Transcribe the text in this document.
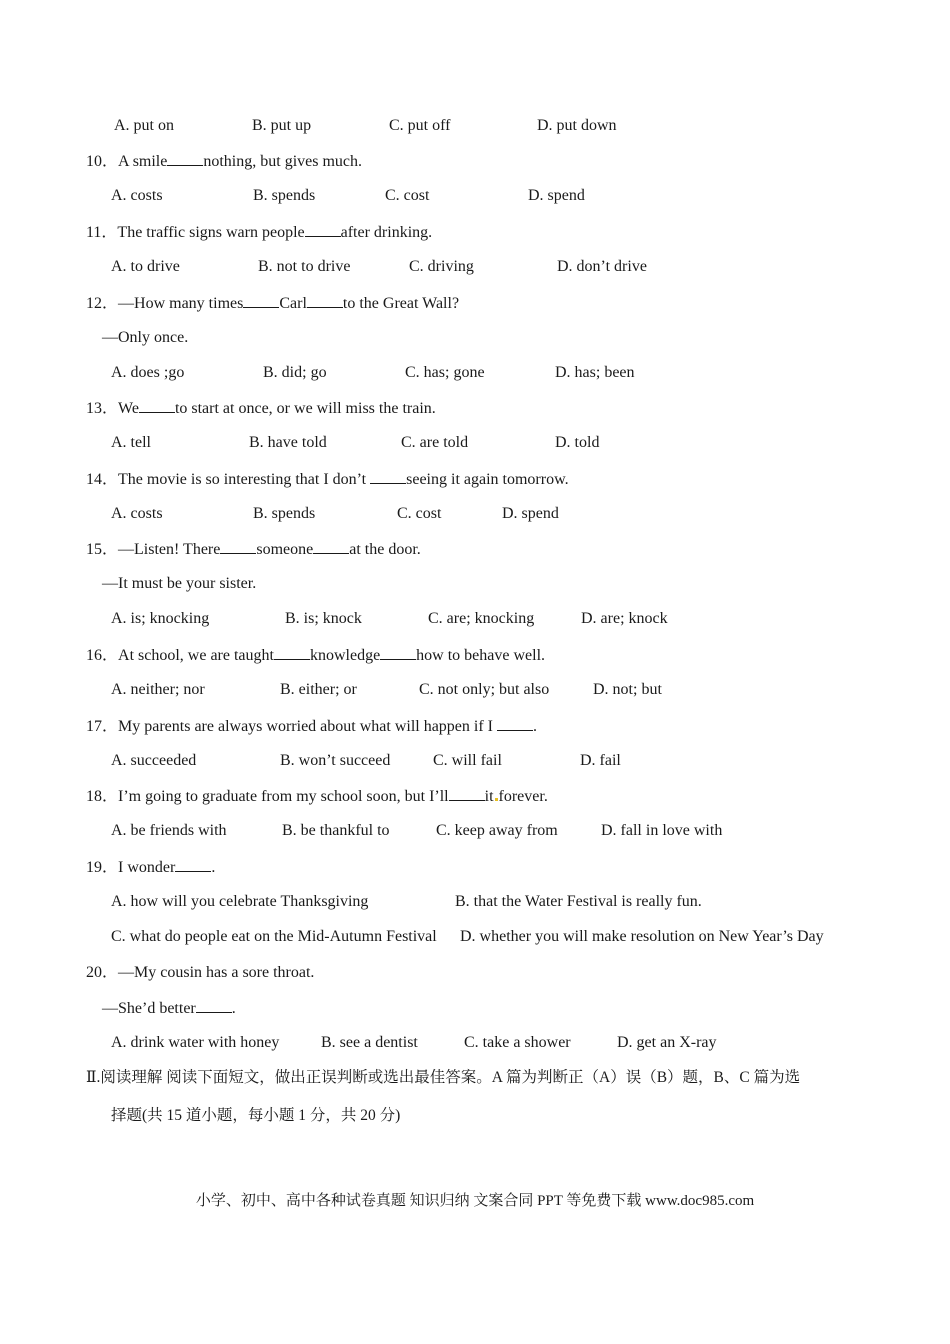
A. put on	B. put up	C. put off	D. put down
10．A smile nothing, but gives much.
A. costs	B. spends	C. cost	D. spend
11．The traffic signs warn people after drinking.
A. to drive	B. not to drive	C. driving	D. don’t drive
12．—How many times Carl to the Great Wall?
—Only once.
A. does ;go	B. did; go	C. has; gone	D. has; been
13．We to start at once, or we will miss the train.
A. tell	B. have told	C. are told	D. told
14．The movie is so interesting that I don’t	seeing it again tomorrow.
A. costs	B. spends	C. cost	D. spend
15．—Listen! There someone at the door.
—It must be your sister.
A. is; knocking	B. is; knock	C. are; knocking	D. are; knock
16．At school, we are taught knowledge how to behave well.
A. neither; nor	B. either; or	C. not only; but also	D. not; but
17．My parents are always worried about what will happen if I	.
A. succeeded	B. won’t succeed	C. will fail	D. fail
18．I’m going to graduate from my school soon, but I’ll it forever.
A. be friends with	B. be thankful to	C. keep away from	D. fall in love with
19．I wonder .
A. how will you celebrate Thanksgiving	B. that the Water Festival is really fun.
C. what do people eat on the Mid-Autumn Festival D. whether you will make resolution on New Year’s Day
20．—My cousin has a sore throat.
—She’d better .
A. drink water with honey	B. see a dentist	C. take a shower	D. get an X-ray
Ⅱ.阅读理解 阅读下面短文，做出正误判断或选出最佳答案。A 篇为判断正（A）误（B）题，B、C 篇为选
择题(共 15 道小题，每小题 1 分，共 20 分)
小学、初中、高中各种试卷真题 知识归纳 文案合同 PPT 等免费下载 www.doc985.com
